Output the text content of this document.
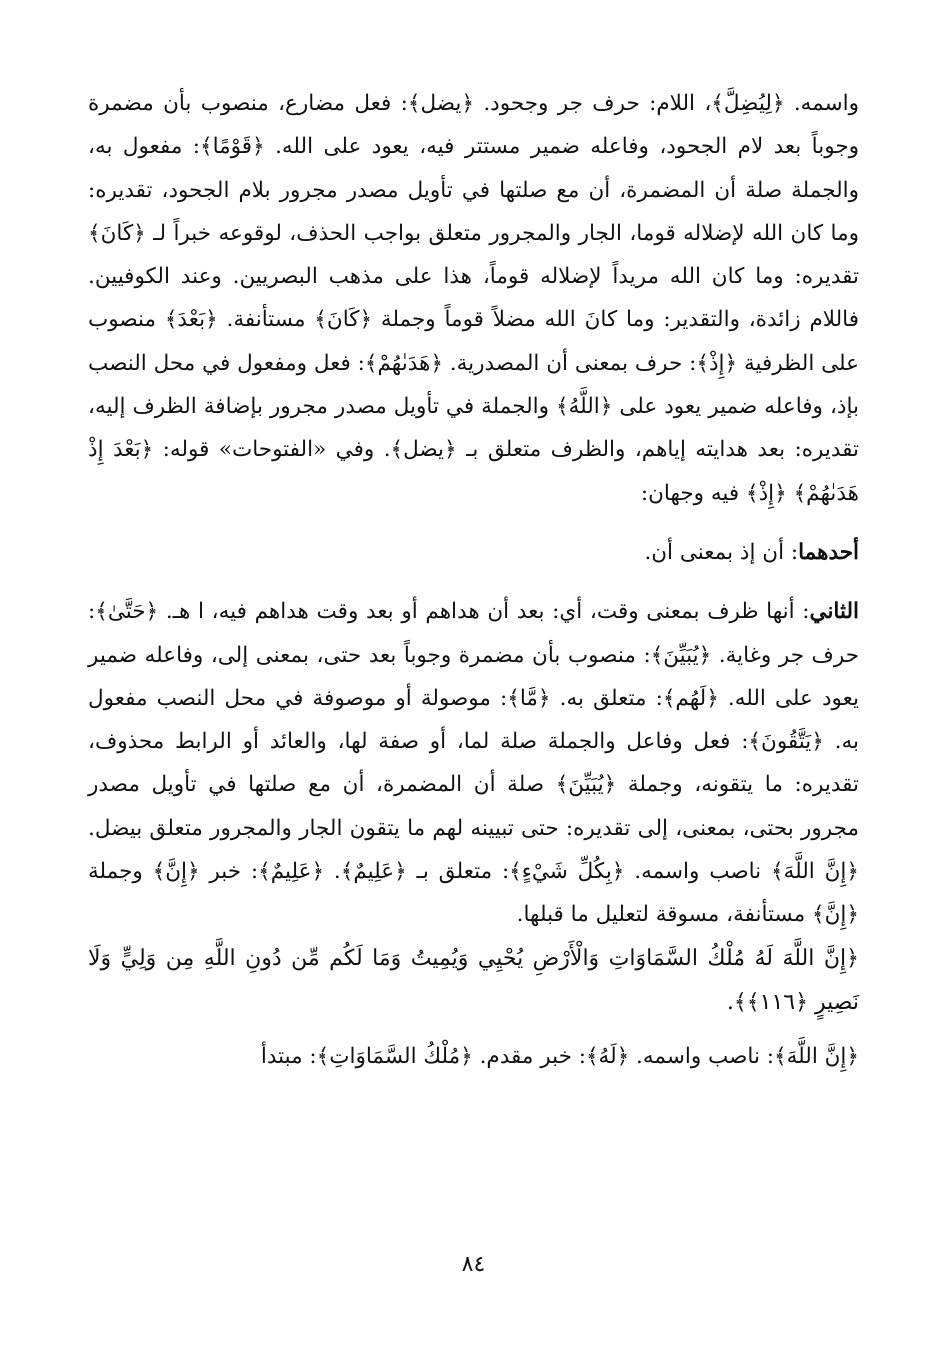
واسمه. ﴿لِيُضِلَّ﴾، اللام: حرف جر وجحود. ﴿يضل﴾: فعل مضارع، منصوب بأن مضمرة وجوباً بعد لام الجحود، وفاعله ضمير مستتر فيه، يعود على الله. ﴿قَوْمًا﴾: مفعول به، والجملة صلة أن المضمرة، أن مع صلتها في تأويل مصدر مجرور بلام الجحود، تقديره: وما كان الله لإضلاله قوما، الجار والمجرور متعلق بواجب الحذف، لوقوعه خبراً لـ ﴿كَانَ﴾ تقديره: وما كان الله مريداً لإضلاله قوماً، هذا على مذهب البصريين. وعند الكوفيين. فاللام زائدة، والتقدير: وما كانَ الله مضلاً قوماً وجملة ﴿كَانَ﴾ مستأنفة. ﴿بَعْدَ﴾ منصوب على الظرفية ﴿إِذْ﴾: حرف بمعنى أن المصدرية. ﴿هَدَىٰهُمْ﴾: فعل ومفعول في محل النصب بإذ، وفاعله ضمير يعود على ﴿اللَّهُ﴾ والجملة في تأويل مصدر مجرور بإضافة الظرف إليه، تقديره: بعد هدايته إياهم، والظرف متعلق بـ ﴿يضل﴾. وفي «الفتوحات» قوله: ﴿بَعْدَ إِذْ هَدَىٰهُمْ﴾ ﴿إِذْ﴾ فيه وجهان:

أحدهما: أن إذ بمعنى أن.

الثاني: أنها ظرف بمعنى وقت، أي: بعد أن هداهم أو بعد وقت هداهم فيه، ا هـ. ﴿حَتَّىٰ﴾: حرف جر وغاية. ﴿يُبَيِّنَ﴾: منصوب بأن مضمرة وجوباً بعد حتى، بمعنى إلى، وفاعله ضمير يعود على الله. ﴿لَهُم﴾: متعلق به. ﴿مَّا﴾: موصولة أو موصوفة في محل النصب مفعول به. ﴿يَتَّقُونَ﴾: فعل وفاعل والجملة صلة لما، أو صفة لها، والعائد أو الرابط محذوف، تقديره: ما يتقونه، وجملة ﴿يُبَيِّنَ﴾ صلة أن المضمرة، أن مع صلتها في تأويل مصدر مجرور بحتى، بمعنى، إلى تقديره: حتى تبيينه لهم ما يتقون الجار والمجرور متعلق بيضل. ﴿إِنَّ اللَّهَ﴾ ناصب واسمه. ﴿بِكُلِّ شَيْءٍ﴾: متعلق بـ ﴿عَلِيمٌ﴾. ﴿عَلِيمٌ﴾: خبر ﴿إِنَّ﴾ وجملة ﴿إِنَّ﴾ مستأنفة، مسوقة لتعليل ما قبلها.

﴿إِنَّ اللَّهَ لَهُ مُلْكُ السَّمَاوَاتِ وَالْأَرْضِ يُحْيِي وَيُمِيتُ وَمَا لَكُم مِّن دُونِ اللَّهِ مِن وَلِيٍّ وَلَا نَصِيرٍ ﴿١١٦﴾﴾.

﴿إِنَّ اللَّهَ﴾: ناصب واسمه. ﴿لَهُ﴾: خبر مقدم. ﴿مُلْكُ السَّمَاوَاتِ﴾: مبتدأ

٨٤
